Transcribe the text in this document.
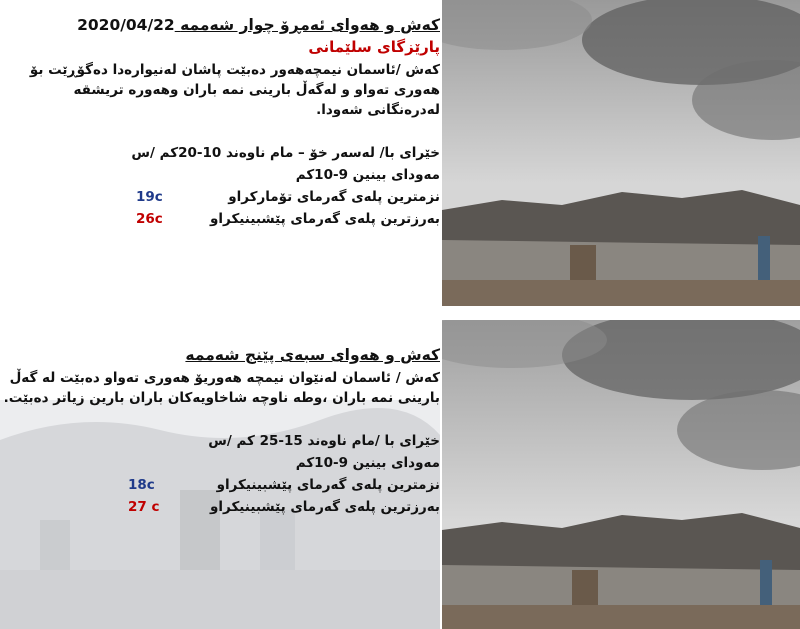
کەش و هەوای ئەمڕۆ چوار شەممە 2020/04/22
پارێزگای سلێمانی
کەش /ئاسمان نیمچەهەور دەبێت پاشان لەنیوارەدا دەگۆڕێت بۆ هەوری تەواو و لەگەڵ بارینی نمە باران وهەورە تریشقە لەدرەنگانی شەودا.
خێرای با/ لەسەر خۆ – مام ناوەند 10-20کم /س
مەودای بینین 9-10کم
نزمترین پلەی گەرمای تۆمارکراو
19c
بەرزترین پلەی گەرمای پێشبینیکراو
26c
کەش و هەوای سبەی پێنج شەممە
کەش / ئاسمان لەنێوان نیمچە هەوریۆ هەوری تەواو دەبێت لە گەڵ بارینی نمە باران ،وطە ناوچە شاخاویەکان باران بارین زیاتر دەبێت.
خێرای با /مام ناوەند 15-25 کم /س
مەودای بینین 9-10کم
نزمترین پلەی گەرمای پێشبینیکراو
18c
بەرزترین پلەی گەرمای پێشبینیکراو
27 c
